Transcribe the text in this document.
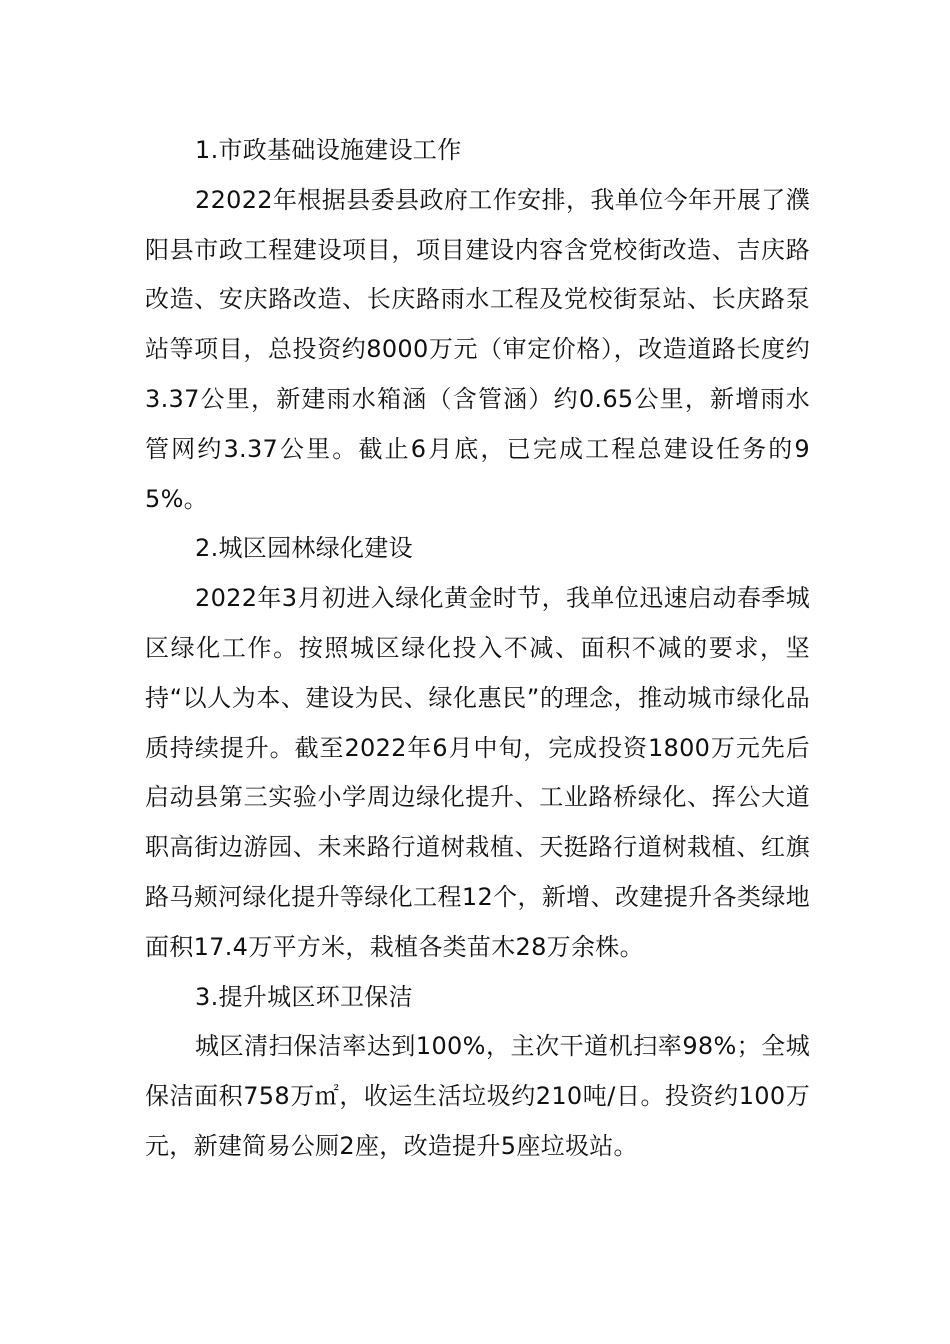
1.市政基础设施建设工作

22022年根据县委县政府工作安排，我单位今年开展了濮阳县市政工程建设项目，项目建设内容含党校街改造、吉庆路改造、安庆路改造、长庆路雨水工程及党校街泵站、长庆路泵站等项目，总投资约8000万元（审定价格），改造道路长度约3.37公里，新建雨水箱涵（含管涵）约0.65公里，新增雨水管网约3.37公里。截止6月底，已完成工程总建设任务的95%。

2.城区园林绿化建设

2022年3月初进入绿化黄金时节，我单位迅速启动春季城区绿化工作。按照城区绿化投入不减、面积不减的要求，坚持“以人为本、建设为民、绿化惠民”的理念，推动城市绿化品质持续提升。截至2022年6月中旬，完成投资1800万元先后启动县第三实验小学周边绿化提升、工业路桥绿化、挥公大道职高街边游园、未来路行道树栽植、天挺路行道树栽植、红旗路马颊河绿化提升等绿化工程12个，新增、改建提升各类绿地面积17.4万平方米，栽植各类苗木28万余株。

3.提升城区环卫保洁

城区清扫保洁率达到100%，主次干道机扫率98%；全城保洁面积758万㎡，收运生活垃圾约210吨/日。投资约100万元，新建简易公厕2座，改造提升5座垃圾站。
